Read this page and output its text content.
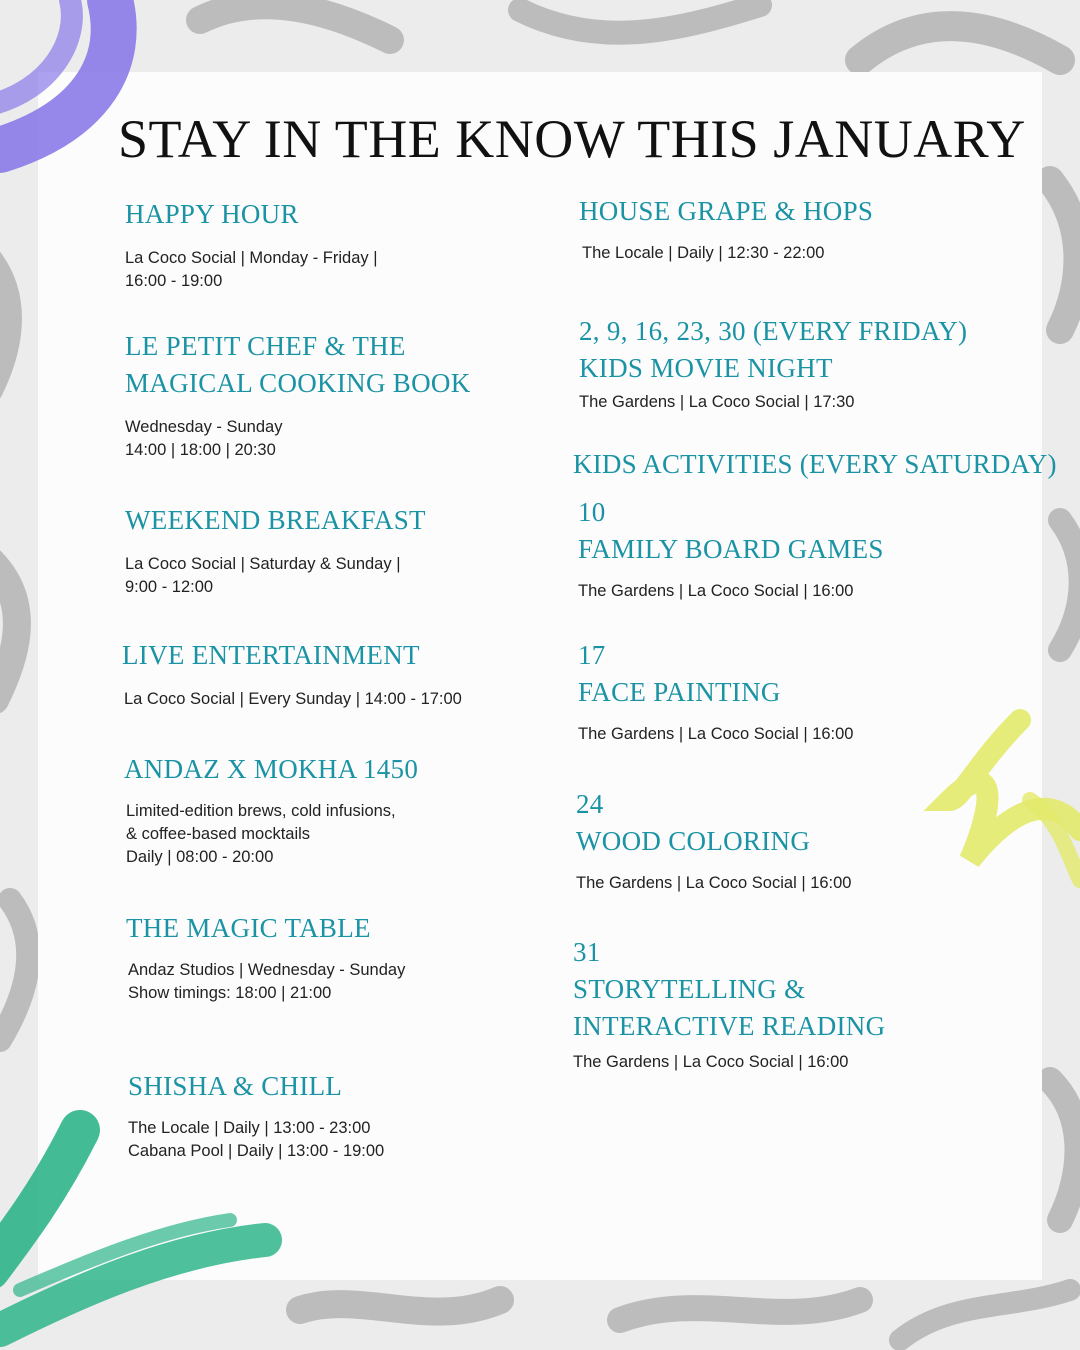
STAY IN THE KNOW THIS JANUARY

HAPPY HOUR

La Coco Social | Monday - Friday |

16:00 - 19:00

LE PETIT CHEF & THE

MAGICAL COOKING BOOK

Wednesday - Sunday

14:00 | 18:00 | 20:30

WEEKEND BREAKFAST

La Coco Social | Saturday & Sunday |

9:00 - 12:00

LIVE ENTERTAINMENT

La Coco Social | Every Sunday | 14:00 - 17:00

ANDAZ X MOKHA 1450

Limited-edition brews, cold infusions,

& coffee-based mocktails

Daily | 08:00 - 20:00

THE MAGIC TABLE

Andaz Studios | Wednesday - Sunday

Show timings: 18:00 | 21:00

SHISHA & CHILL

The Locale | Daily | 13:00 - 23:00

Cabana Pool | Daily | 13:00 - 19:00

HOUSE GRAPE & HOPS

The Locale | Daily | 12:30 - 22:00

2, 9, 16, 23, 30 (EVERY FRIDAY)

KIDS MOVIE NIGHT

The Gardens | La Coco Social | 17:30

KIDS ACTIVITIES (EVERY SATURDAY)

10

FAMILY BOARD GAMES

The Gardens | La Coco Social | 16:00

17

FACE PAINTING

The Gardens | La Coco Social | 16:00

24

WOOD COLORING

The Gardens | La Coco Social | 16:00

31

STORYTELLING &

INTERACTIVE READING

The Gardens | La Coco Social | 16:00
